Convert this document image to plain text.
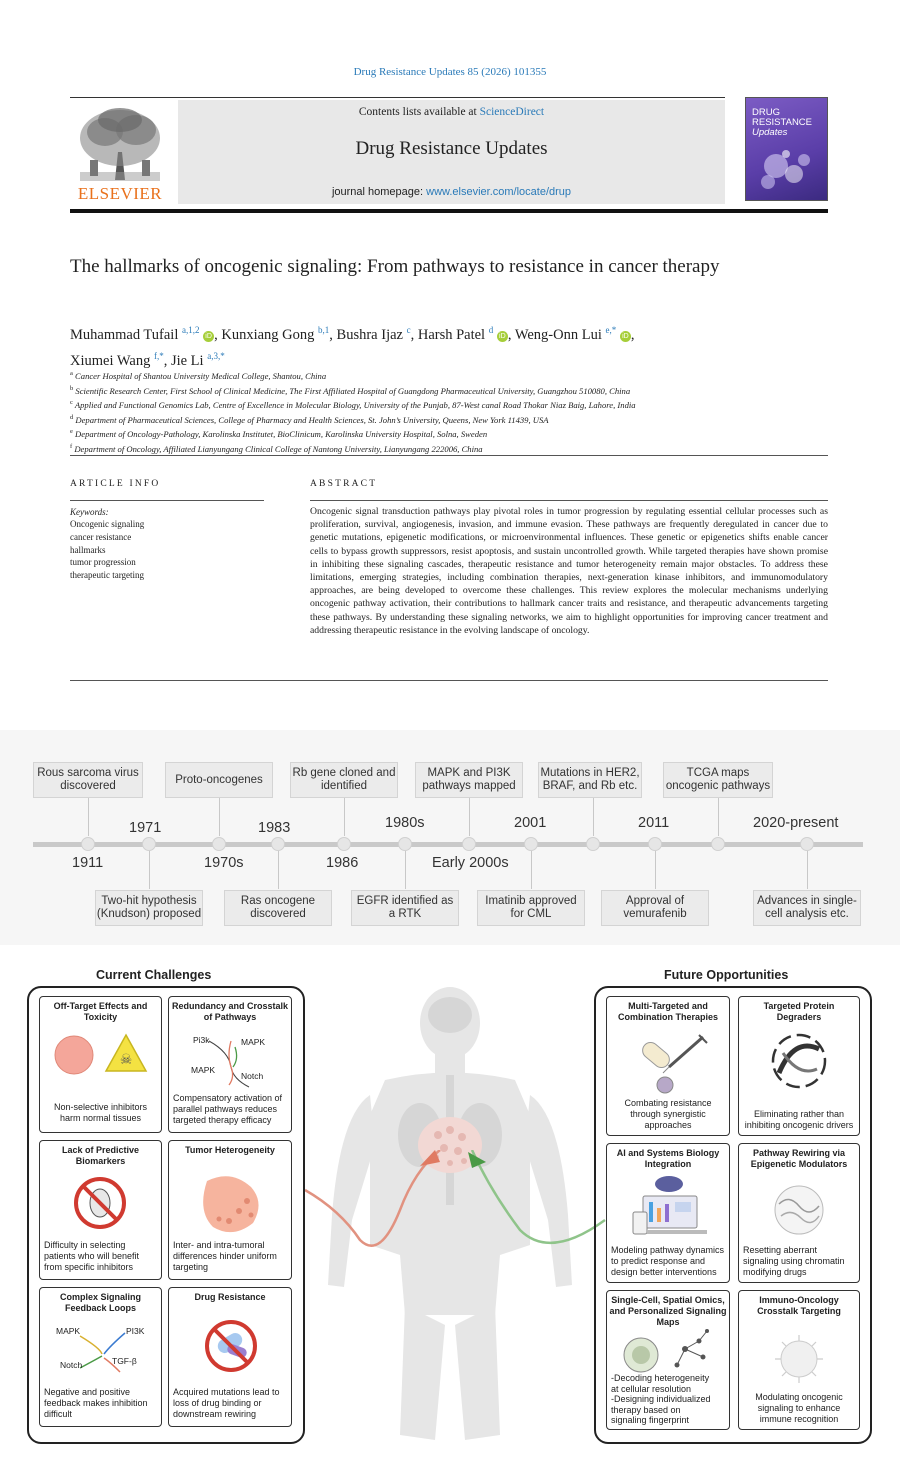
Drug Resistance Updates 85 (2026) 101355
ELSEVIER
Contents lists available at ScienceDirect
Drug Resistance Updates
journal homepage: www.elsevier.com/locate/drup
DRUG
RESISTANCE
Updates
The hallmarks of oncogenic signaling: From pathways to resistance in cancer therapy
Muhammad Tufail $^{a,1,2}$ iD , Kunxiang Gong $^{b,1}$, Bushra Ijaz $^c$, Harsh Patel $^d$ iD , Weng-Onn Lui $^{e,*}$ iD ,
Xiumei Wang $^{f,*}$, Jie Li $^{a,3,*}$
$^a$ Cancer Hospital of Shantou University Medical College, Shantou, China
$^b$ Scientific Research Center, First School of Clinical Medicine, The First Affiliated Hospital of Guangdong Pharmaceutical University, Guangzhou 510080, China
$^c$ Applied and Functional Genomics Lab, Centre of Excellence in Molecular Biology, University of the Punjab, 87-West canal Road Thokar Niaz Baig, Lahore, India
$^d$ Department of Pharmaceutical Sciences, College of Pharmacy and Health Sciences, St. John’s University, Queens, New York 11439, USA
$^e$ Department of Oncology-Pathology, Karolinska Institutet, BioClinicum, Karolinska University Hospital, Solna, Sweden
$^f$ Department of Oncology, Affiliated Lianyungang Clinical College of Nantong University, Lianyungang 222006, China
ARTICLE INFO
Keywords:
Oncogenic signaling
cancer resistance
hallmarks
tumor progression
therapeutic targeting
ABSTRACT

Oncogenic signal transduction pathways play pivotal roles in tumor progression by regulating essential cellular processes such as proliferation, survival, angiogenesis, invasion, and immune evasion. These pathways are frequently deregulated in cancer due to genetic mutations, epigenetic modifications, or microenvironmental influences. These genetic or epigenetics shifts enable cancer cells to bypass growth suppressors, resist apoptosis, and sustain uncontrolled growth. While targeted therapies have shown promise in inhibiting these signaling cascades, therapeutic resistance and tumor heterogeneity remain major obstacles. To address these limitations, emerging strategies, including combination therapies, next-generation kinase inhibitors, and immunomodulatory approaches, are being developed to overcome these challenges. This review explores the molecular mechanisms underlying oncogenic pathway activation, their contributions to hallmark cancer traits and resistance, and therapeutic advancements targeting these pathways. By understanding these signaling networks, we aim to highlight opportunities for improving cancer treatment and addressing therapeutic resistance in the evolving landscape of oncology.

Rous sarcoma virus discovered
Proto-oncogenes
Rb gene cloned and identified
MAPK and PI3K pathways mapped
Mutations in HER2, BRAF, and Rb etc.
TCGA maps oncogenic pathways
1971	1983	1980s	2001	2011	2020-present
1911	1970s	1986	Early 2000s
Two-hit hypothesis (Knudson) proposed
Ras oncogene discovered
EGFR identified as a RTK
Imatinib approved for CML
Approval of vemurafenib
Advances in single-cell analysis etc.
Current Challenges
Off-Target Effects and Toxicity
☠
Non-selective inhibitors harm normal tissues
Redundancy and Crosstalk of Pathways
Pi3k	MAPK
MAPK
Notch
Compensatory activation of parallel pathways reduces targeted therapy efficacy
Lack of Predictive Biomarkers
Difficulty in selecting patients who will benefit from specific inhibitors
Tumor Heterogeneity
Inter- and intra-tumoral differences hinder uniform targeting
Complex Signaling Feedback Loops
MAPK	PI3K
Notch	TGF-β
Negative and positive feedback makes inhibition difficult
Drug Resistance
Acquired mutations lead to loss of drug binding or downstream rewiring
Future Opportunities
Multi-Targeted and Combination Therapies
Combating resistance through synergistic approaches
Targeted Protein Degraders
Eliminating rather than inhibiting oncogenic drivers
AI and Systems Biology Integration
Modeling pathway dynamics to predict response and design better interventions
Pathway Rewiring via Epigenetic Modulators
Resetting aberrant signaling using chromatin modifying drugs
Single-Cell, Spatial Omics, and Personalized Signaling Maps
-Decoding heterogeneity
at cellular resolution
-Designing individualized
therapy based on
signaling fingerprint
Immuno-Oncology Crosstalk Targeting
Modulating oncogenic signaling to enhance immune recognition
